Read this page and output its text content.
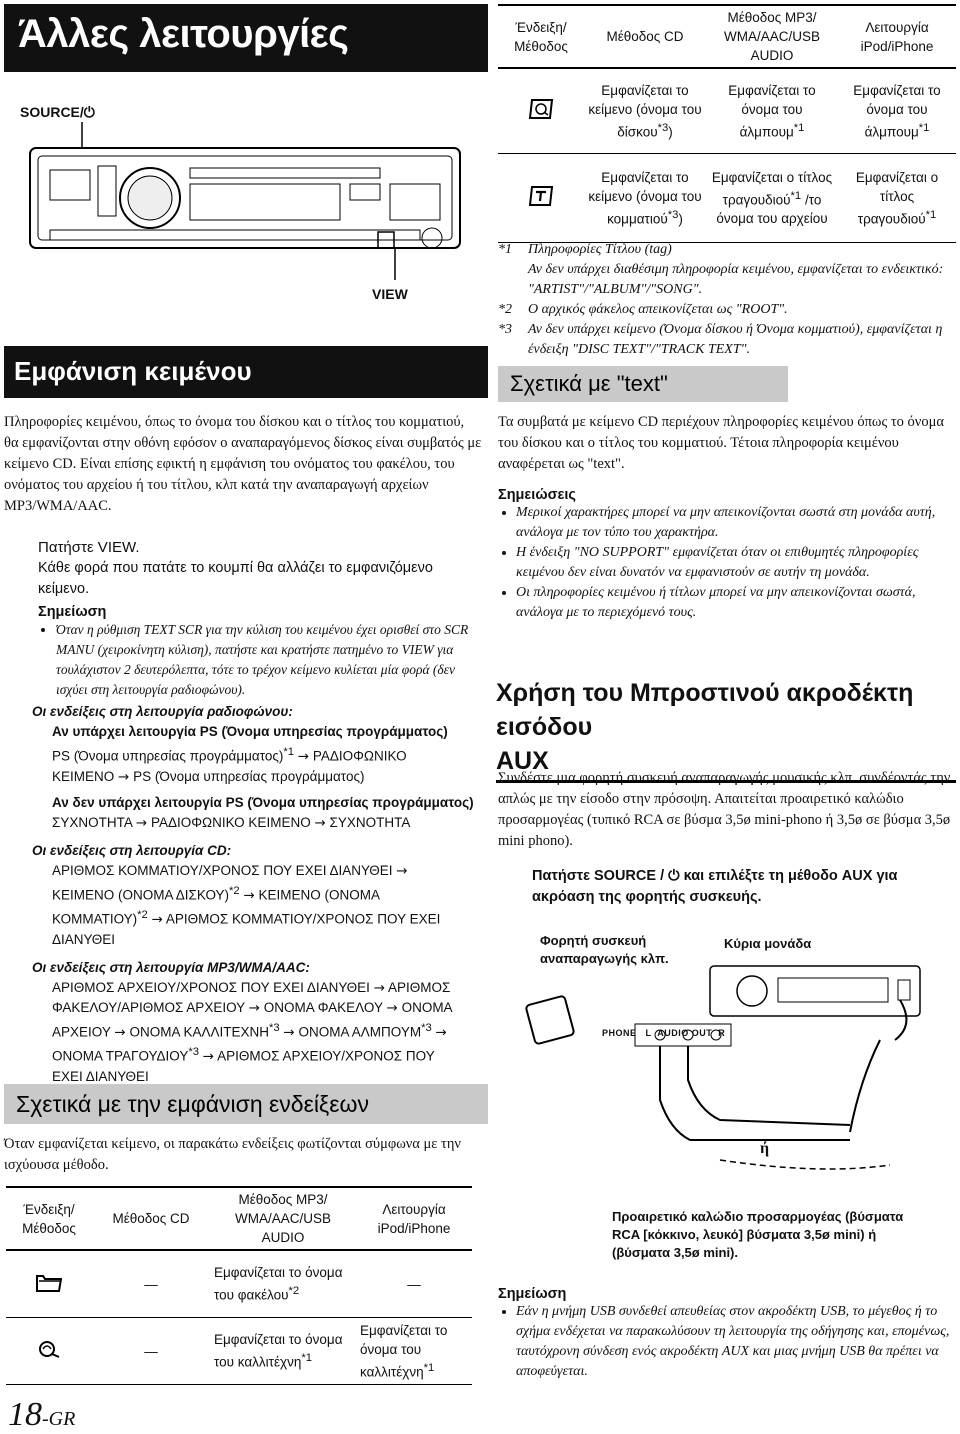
Άλλες λειτουργίες
SOURCE/⏻
VIEW
Εμφάνιση κειμένου

Πληροφορίες κειμένου, όπως το όνομα του δίσκου και ο τίτλος του κομματιού, θα εμφανίζονται στην οθόνη εφόσον ο αναπαραγόμενος δίσκος είναι συμβατός με κείμενο CD. Είναι επίσης εφικτή η εμφάνιση του ονόματος του φακέλου, του ονόματος του αρχείου ή του τίτλου, κλπ κατά την αναπαραγωγή αρχείων MP3/WMA/AAC.

Πατήστε VIEW.

Κάθε φορά που πατάτε το κουμπί θα αλλάζει το εμφανιζόμενο κείμενο.

Σημείωση

• Όταν η ρύθμιση TEXT SCR για την κύλιση του κειμένου έχει ορισθεί στο SCR MANU (χειροκίνητη κύλιση), πατήστε και κρατήστε πατημένο το VIEW για τουλάχιστον 2 δευτερόλεπτα, τότε το τρέχον κείμενο κυλίεται μία φορά (δεν ισχύει στη λειτουργία ραδιοφώνου).

Οι ενδείξεις στη λειτουργία ραδιοφώνου:

Αν υπάρχει λειτουργία PS (Όνομα υπηρεσίας προγράμματος)

PS (Όνομα υπηρεσίας προγράμματος)$^{*1}$ → ΡΑΔΙΟΦΩΝΙΚΟ

ΚΕΙΜΕΝΟ → PS (Όνομα υπηρεσίας προγράμματος)

Αν δεν υπάρχει λειτουργία PS (Όνομα υπηρεσίας προγράμματος)

ΣΥΧΝΟΤΗΤΑ → ΡΑΔΙΟΦΩΝΙΚΟ ΚΕΙΜΕΝΟ → ΣΥΧΝΟΤΗΤΑ

Οι ενδείξεις στη λειτουργία CD:

ΑΡΙΘΜΟΣ ΚΟΜΜΑΤΙΟΥ/ΧΡΟΝΟΣ ΠΟΥ ΕΧΕΙ ΔΙΑΝΥΘΕΙ →

ΚΕΙΜΕΝΟ (ΟΝΟΜΑ ΔΙΣΚΟΥ)$^{*2}$ → ΚΕΙΜΕΝΟ (ΟΝΟΜΑ

ΚΟΜΜΑΤΙΟΥ)$^{*2}$ → ΑΡΙΘΜΟΣ ΚΟΜΜΑΤΙΟΥ/ΧΡΟΝΟΣ ΠΟΥ ΕΧΕΙ

ΔΙΑΝΥΘΕΙ

Οι ενδείξεις στη λειτουργία MP3/WMA/AAC:

ΑΡΙΘΜΟΣ ΑΡΧΕΙΟΥ/ΧΡΟΝΟΣ ΠΟΥ ΕΧΕΙ ΔΙΑΝΥΘΕΙ → ΑΡΙΘΜΟΣ

ΦΑΚΕΛΟΥ/ΑΡΙΘΜΟΣ ΑΡΧΕΙΟΥ → ΟΝΟΜΑ ΦΑΚΕΛΟΥ → ΟΝΟΜΑ

ΑΡΧΕΙΟΥ → ΟΝΟΜΑ $KA\Lambda\Lambda ITEXNH^{*3} \to ONOMA$ $A\Lambda M\Pi O\Upsilon M^{*3}$ →

ΟΝΟΜΑ $TPA\Gamma O\Upsilon\Delta IO\Upsilon^{*3} \to API\Theta MO\Sigma$ ΑΡΧΕΙΟΥ/ΧΡΟΝΟΣ ΠΟΥ

ΕΧΕΙ ΔΙΑΝΥΘΕΙ

Σχετικά με την εμφάνιση ενδείξεων

Όταν εμφανίζεται κείμενο, οι παρακάτω ενδείξεις φωτίζονται σύμφωνα με την ισχύουσα μέθοδο.

Ένδειξη/ Μέθοδος	Μέθοδος CD	Μέθοδος MP3/ WMA/AAC/USB AUDIO	Λειτουργία iPod/iPhone
	—	Εμφανίζεται το όνομα του φακέλου$^{*2}$	—
	—	Εμφανίζεται το όνομα του καλλιτέχνη$^{*1}$	Εμφανίζεται το όνομα του καλλιτέχνη$^{*1}$
18-GR
Ένδειξη/ Μέθοδος	Μέθοδος CD	Μέθοδος MP3/ WMA/AAC/USB AUDIO	Λειτουργία iPod/iPhone
	Εμφανίζεται το κείμενο (όνομα του δίσκου$^{*3}$)	Εμφανίζεται το όνομα του άλμπουμ$^{*1}$	Εμφανίζεται το όνομα του άλμπουμ$^{*1}$
	Εμφανίζεται το κείμενο (όνομα του κομματιού$^{*3}$)	Εμφανίζεται ο τίτλος τραγουδιού$^{*1}$ /το όνομα του αρχείου	Εμφανίζεται ο τίτλος τραγουδιού$^{*1}$
*1	Πληροφορίες Τίτλου (tag)
Αν δεν υπάρχει διαθέσιμη πληροφορία κειμένου, εμφανίζεται το ενδεικτικό: "ARTIST"/"ALBUM"/"SONG".
*2	Ο αρχικός φάκελος απεικονίζεται ως "ROOT".
*3	Αν δεν υπάρχει κείμενο (Όνομα δίσκου ή Όνομα κομματιού), εμφανίζεται η ένδειξη "DISC TEXT"/"TRACK TEXT".
Σχετικά με "text"

Τα συμβατά με κείμενο CD περιέχουν πληροφορίες κειμένου όπως το όνομα του δίσκου και ο τίτλος του κομματιού. Τέτοια πληροφορία κειμένου αναφέρεται ως "text".

Σημειώσεις

• Μερικοί χαρακτήρες μπορεί να μην απεικονίζονται σωστά στη μονάδα αυτή, ανάλογα με τον τύπο του χαρακτήρα.
• Η ένδειξη "NO SUPPORT" εμφανίζεται όταν οι επιθυμητές πληροφορίες κειμένου δεν είναι δυνατόν να εμφανιστούν σε αυτήν τη μονάδα.
• Οι πληροφορίες κειμένου ή τίτλων μπορεί να μην απεικονίζονται σωστά, ανάλογα με το περιεχόμενό τους.
Χρήση του Μπροστινού ακροδέκτη εισόδου
AUX

Συνδέστε μια φορητή συσκευή αναπαραγωγής μουσικής κλπ. συνδέοντάς την απλώς με την είσοδο στην πρόσοψη. Απαιτείται προαιρετικό καλώδιο προσαρμογέας (τυπικό RCA σε βύσμα 3,5ø mini-phono ή 3,5ø σε βύσμα 3,5ø mini phono).

Πατήστε SOURCE / ⏻ και επιλέξτε τη μέθοδο AUX για ακρόαση της φορητής συσκευής.

Φορητή συσκευή αναπαραγωγής κλπ.
Κύρια μονάδα
PHONE L AUDIO OUT R
ή
Προαιρετικό καλώδιο προσαρμογέας (βύσματα RCA [κόκκινο, λευκό] βύσματα 3,5ø mini) ή (βύσματα 3,5ø mini).

Σημείωση

• Εάν η μνήμη USB συνδεθεί απευθείας στον ακροδέκτη USB, το μέγεθος ή το σχήμα ενδέχεται να παρακωλύσουν τη λειτουργία της οδήγησης και, επομένως, ταυτόχρονη σύνδεση ενός ακροδέκτη AUX και μιας μνήμη USB θα πρέπει να αποφεύγεται.
